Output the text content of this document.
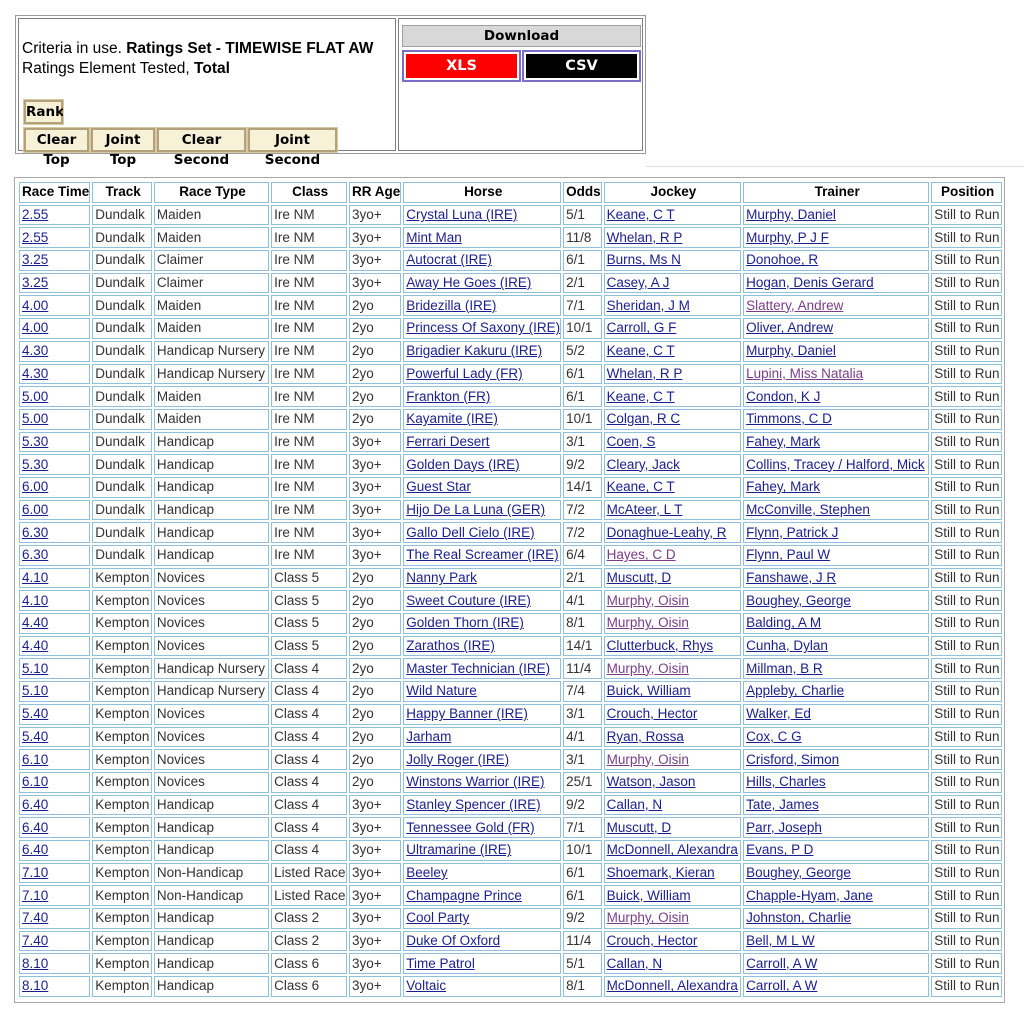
Criteria in use. Ratings Set - TIMEWISE FLAT AW
Ratings Element Tested, Total
Rank
Clear Top
Joint Top
Clear Second
Joint Second
Download
XLS	CSV
Race Time	Track	Race Type	Class	RR Age	Horse	Odds	Jockey	Trainer	Position
2.55	Dundalk	Maiden	Ire NM	3yo+	Crystal Luna (IRE)	5/1	Keane, C T	Murphy, Daniel	Still to Run
2.55	Dundalk	Maiden	Ire NM	3yo+	Mint Man	11/8	Whelan, R P	Murphy, P J F	Still to Run
3.25	Dundalk	Claimer	Ire NM	3yo+	Autocrat (IRE)	6/1	Burns, Ms N	Donohoe, R	Still to Run
3.25	Dundalk	Claimer	Ire NM	3yo+	Away He Goes (IRE)	2/1	Casey, A J	Hogan, Denis Gerard	Still to Run
4.00	Dundalk	Maiden	Ire NM	2yo	Bridezilla (IRE)	7/1	Sheridan, J M	Slattery, Andrew	Still to Run
4.00	Dundalk	Maiden	Ire NM	2yo	Princess Of Saxony (IRE)	10/1	Carroll, G F	Oliver, Andrew	Still to Run
4.30	Dundalk	Handicap Nursery	Ire NM	2yo	Brigadier Kakuru (IRE)	5/2	Keane, C T	Murphy, Daniel	Still to Run
4.30	Dundalk	Handicap Nursery	Ire NM	2yo	Powerful Lady (FR)	6/1	Whelan, R P	Lupini, Miss Natalia	Still to Run
5.00	Dundalk	Maiden	Ire NM	2yo	Frankton (FR)	6/1	Keane, C T	Condon, K J	Still to Run
5.00	Dundalk	Maiden	Ire NM	2yo	Kayamite (IRE)	10/1	Colgan, R C	Timmons, C D	Still to Run
5.30	Dundalk	Handicap	Ire NM	3yo+	Ferrari Desert	3/1	Coen, S	Fahey, Mark	Still to Run
5.30	Dundalk	Handicap	Ire NM	3yo+	Golden Days (IRE)	9/2	Cleary, Jack	Collins, Tracey / Halford, Mick	Still to Run
6.00	Dundalk	Handicap	Ire NM	3yo+	Guest Star	14/1	Keane, C T	Fahey, Mark	Still to Run
6.00	Dundalk	Handicap	Ire NM	3yo+	Hijo De La Luna (GER)	7/2	McAteer, L T	McConville, Stephen	Still to Run
6.30	Dundalk	Handicap	Ire NM	3yo+	Gallo Dell Cielo (IRE)	7/2	Donaghue-Leahy, R	Flynn, Patrick J	Still to Run
6.30	Dundalk	Handicap	Ire NM	3yo+	The Real Screamer (IRE)	6/4	Hayes, C D	Flynn, Paul W	Still to Run
4.10	Kempton	Novices	Class 5	2yo	Nanny Park	2/1	Muscutt, D	Fanshawe, J R	Still to Run
4.10	Kempton	Novices	Class 5	2yo	Sweet Couture (IRE)	4/1	Murphy, Oisin	Boughey, George	Still to Run
4.40	Kempton	Novices	Class 5	2yo	Golden Thorn (IRE)	8/1	Murphy, Oisin	Balding, A M	Still to Run
4.40	Kempton	Novices	Class 5	2yo	Zarathos (IRE)	14/1	Clutterbuck, Rhys	Cunha, Dylan	Still to Run
5.10	Kempton	Handicap Nursery	Class 4	2yo	Master Technician (IRE)	11/4	Murphy, Oisin	Millman, B R	Still to Run
5.10	Kempton	Handicap Nursery	Class 4	2yo	Wild Nature	7/4	Buick, William	Appleby, Charlie	Still to Run
5.40	Kempton	Novices	Class 4	2yo	Happy Banner (IRE)	3/1	Crouch, Hector	Walker, Ed	Still to Run
5.40	Kempton	Novices	Class 4	2yo	Jarham	4/1	Ryan, Rossa	Cox, C G	Still to Run
6.10	Kempton	Novices	Class 4	2yo	Jolly Roger (IRE)	3/1	Murphy, Oisin	Crisford, Simon	Still to Run
6.10	Kempton	Novices	Class 4	2yo	Winstons Warrior (IRE)	25/1	Watson, Jason	Hills, Charles	Still to Run
6.40	Kempton	Handicap	Class 4	3yo+	Stanley Spencer (IRE)	9/2	Callan, N	Tate, James	Still to Run
6.40	Kempton	Handicap	Class 4	3yo+	Tennessee Gold (FR)	7/1	Muscutt, D	Parr, Joseph	Still to Run
6.40	Kempton	Handicap	Class 4	3yo+	Ultramarine (IRE)	10/1	McDonnell, Alexandra	Evans, P D	Still to Run
7.10	Kempton	Non-Handicap	Listed Race	3yo+	Beeley	6/1	Shoemark, Kieran	Boughey, George	Still to Run
7.10	Kempton	Non-Handicap	Listed Race	3yo+	Champagne Prince	6/1	Buick, William	Chapple-Hyam, Jane	Still to Run
7.40	Kempton	Handicap	Class 2	3yo+	Cool Party	9/2	Murphy, Oisin	Johnston, Charlie	Still to Run
7.40	Kempton	Handicap	Class 2	3yo+	Duke Of Oxford	11/4	Crouch, Hector	Bell, M L W	Still to Run
8.10	Kempton	Handicap	Class 6	3yo+	Time Patrol	5/1	Callan, N	Carroll, A W	Still to Run
8.10	Kempton	Handicap	Class 6	3yo+	Voltaic	8/1	McDonnell, Alexandra	Carroll, A W	Still to Run
